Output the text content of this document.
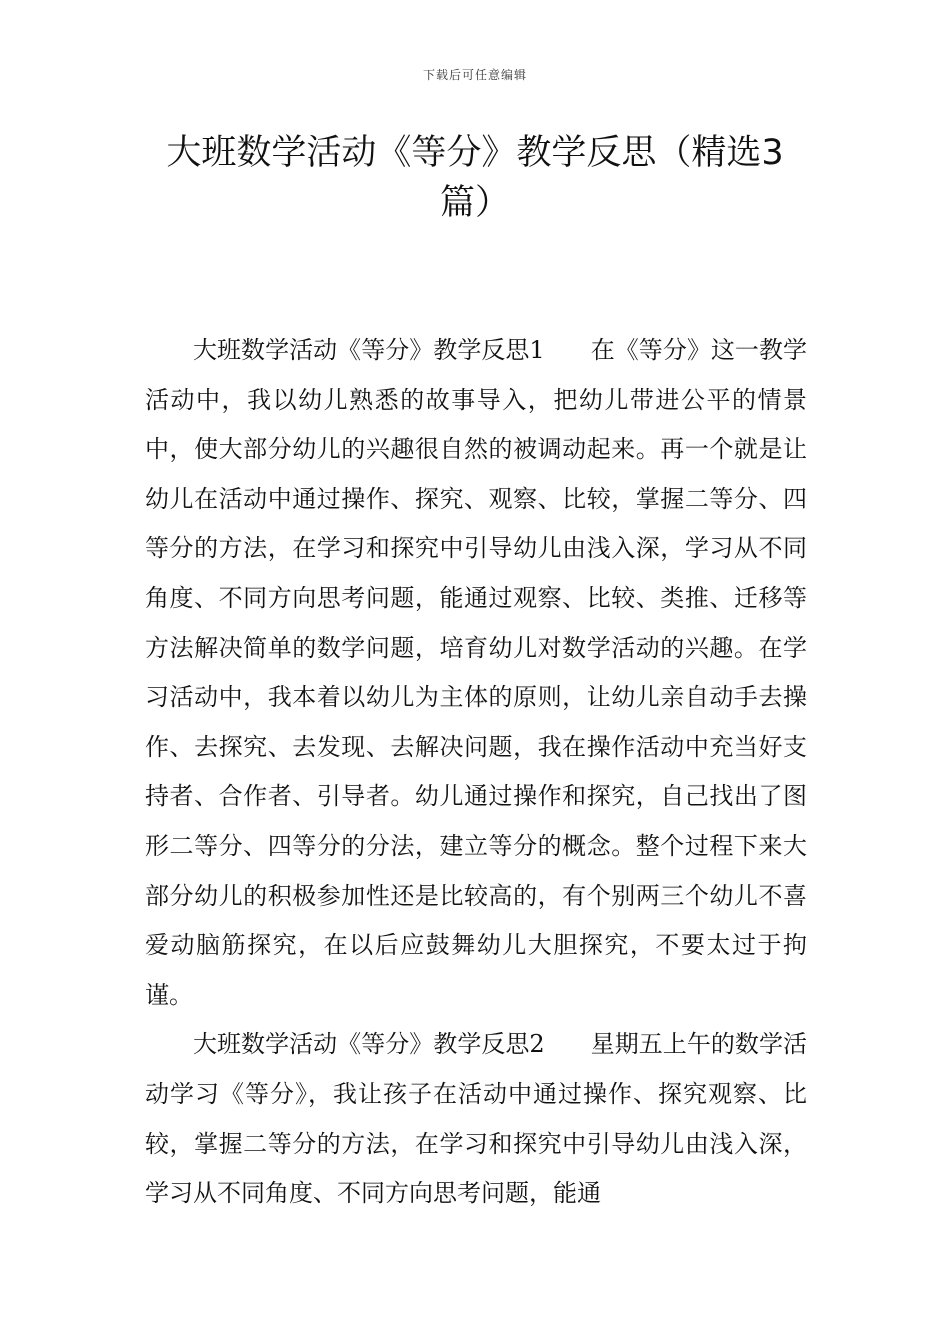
下载后可任意编辑
大班数学活动《等分》教学反思（精选3篇）

大班数学活动《等分》教学反思1 在《等分》这一教学活动中，我以幼儿熟悉的故事导入，把幼儿带进公平的情景中，使大部分幼儿的兴趣很自然的被调动起来。再一个就是让幼儿在活动中通过操作、探究、观察、比较，掌握二等分、四等分的方法，在学习和探究中引导幼儿由浅入深，学习从不同角度、不同方向思考问题，能通过观察、比较、类推、迁移等方法解决简单的数学问题，培育幼儿对数学活动的兴趣。在学习活动中，我本着以幼儿为主体的原则，让幼儿亲自动手去操作、去探究、去发现、去解决问题，我在操作活动中充当好支持者、合作者、引导者。幼儿通过操作和探究，自己找出了图形二等分、四等分的分法，建立等分的概念。整个过程下来大部分幼儿的积极参加性还是比较高的，有个别两三个幼儿不喜爱动脑筋探究，在以后应鼓舞幼儿大胆探究，不要太过于拘谨。

大班数学活动《等分》教学反思2 星期五上午的数学活动学习《等分》，我让孩子在活动中通过操作、探究观察、比较，掌握二等分的方法，在学习和探究中引导幼儿由浅入深，学习从不同角度、不同方向思考问题，能通
